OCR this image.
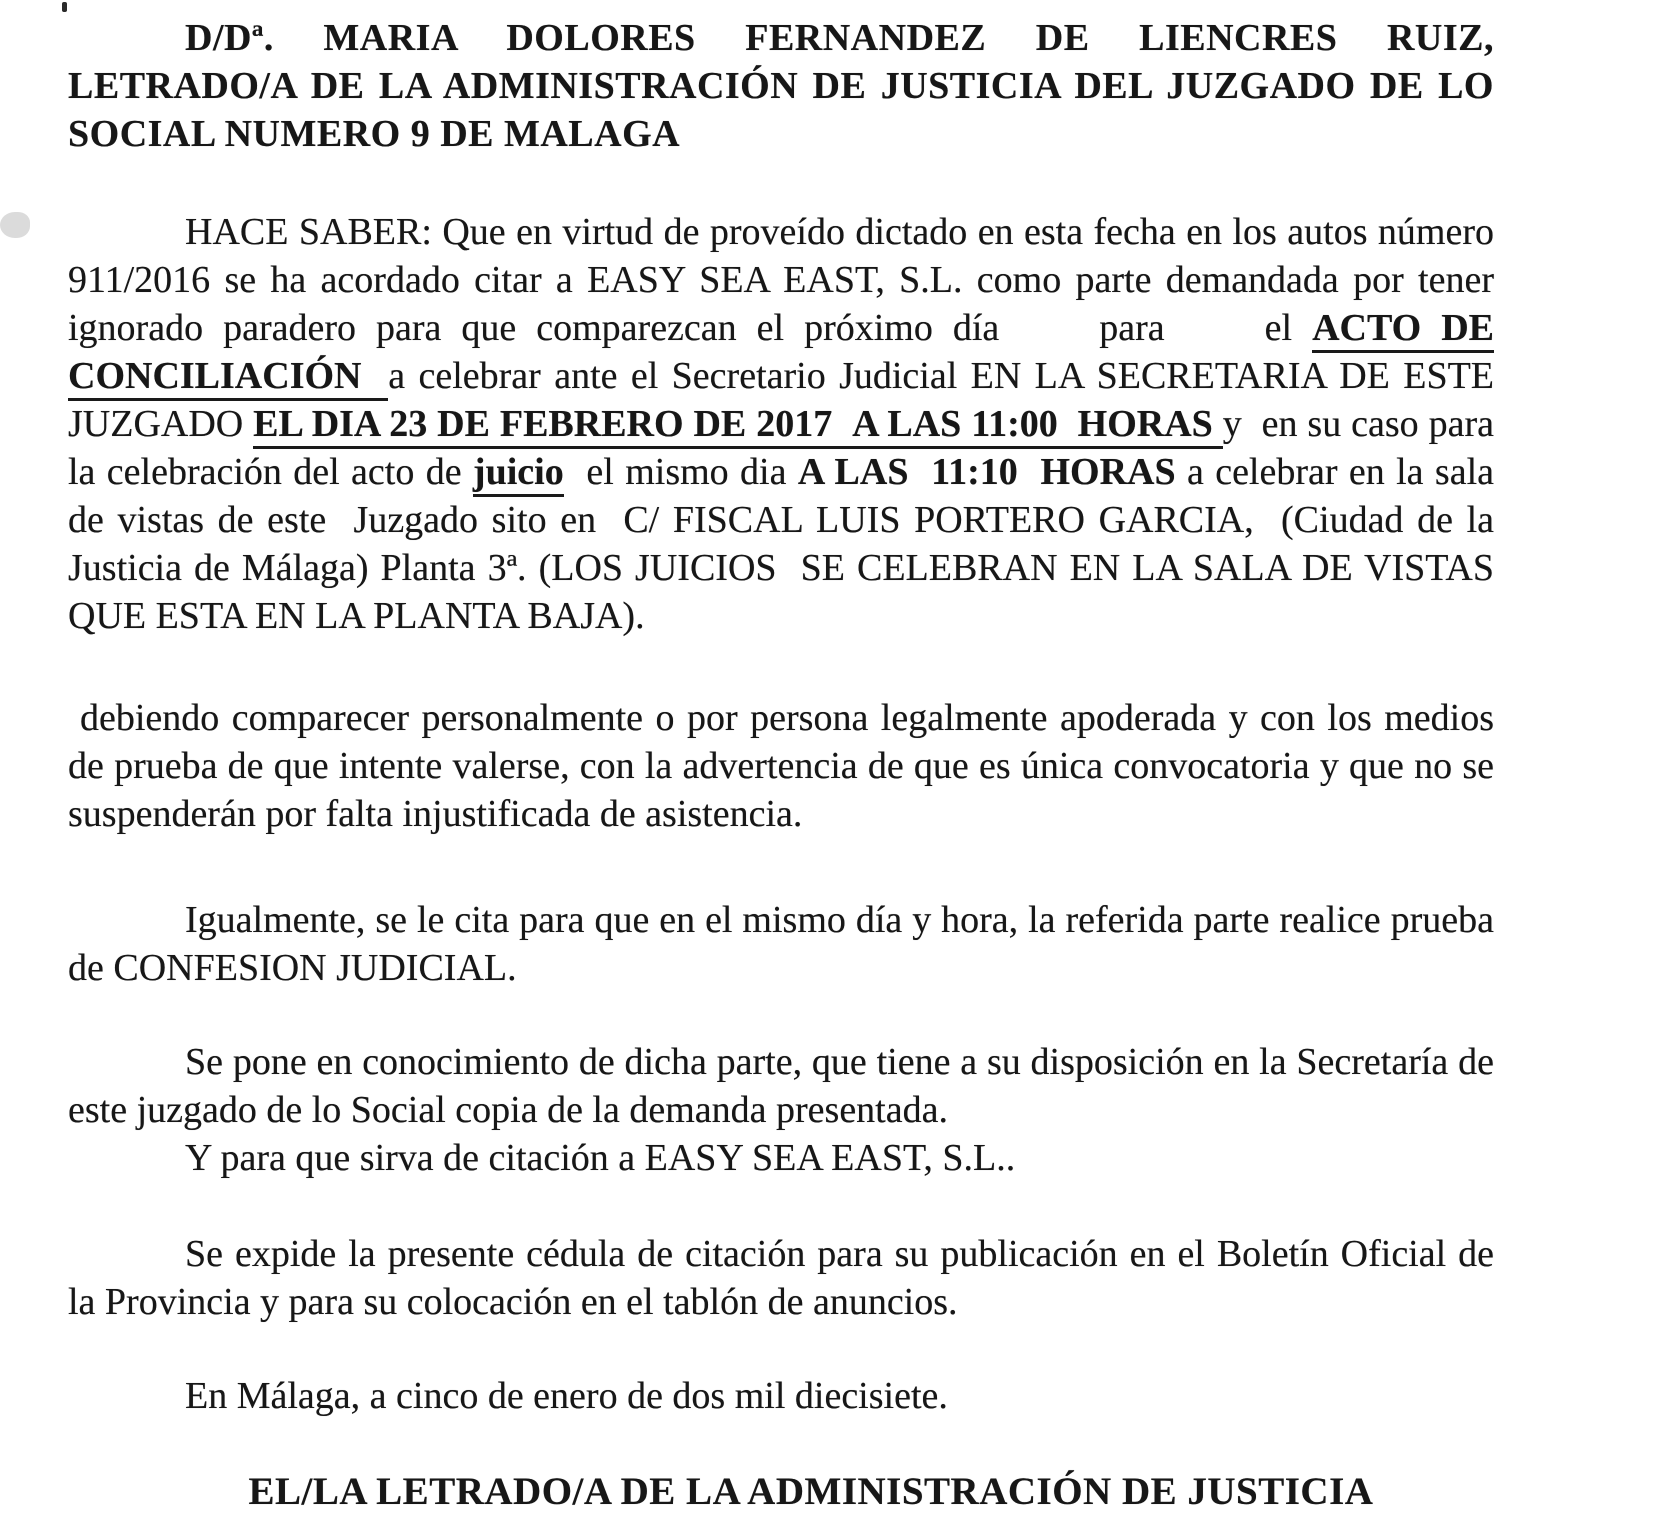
D/Dª. MARIA DOLORES FERNANDEZ DE LIENCRES RUIZ, LETRADO/A DE LA ADMINISTRACIÓN DE JUSTICIA DEL JUZGADO DE LO SOCIAL NUMERO 9 DE MALAGA

HACE SABER: Que en virtud de proveído dictado en esta fecha en los autos número 911/2016 se ha acordado citar a EASY SEA EAST, S.L. como parte demandada por tener ignorado paradero para que comparezcan el próximo día     para     el ACTO DE CONCILIACIÓN  a celebrar ante el Secretario Judicial EN LA SECRETARIA DE ESTE JUZGADO EL DIA 23 DE FEBRERO DE 2017  A LAS 11:00  HORAS y  en su caso para la celebración del acto de juicio  el mismo dia A LAS  11:10  HORAS a celebrar en la sala de vistas de este  Juzgado sito en  C/ FISCAL LUIS PORTERO GARCIA,  (Ciudad de la Justicia de Málaga) Planta 3ª. (LOS JUICIOS  SE CELEBRAN EN LA SALA DE VISTAS QUE ESTA EN LA PLANTA BAJA).

debiendo comparecer personalmente o por persona legalmente apoderada y con los medios de prueba de que intente valerse, con la advertencia de que es única convocatoria y que no se suspenderán por falta injustificada de asistencia.

Igualmente, se le cita para que en el mismo día y hora, la referida parte realice prueba de CONFESION JUDICIAL.

Se pone en conocimiento de dicha parte, que tiene a su disposición en la Secretaría de este juzgado de lo Social copia de la demanda presentada.

Y para que sirva de citación a EASY SEA EAST, S.L..

Se expide la presente cédula de citación para su publicación en el Boletín Oficial de la Provincia y para su colocación en el tablón de anuncios.

En Málaga, a cinco de enero de dos mil diecisiete.

EL/LA LETRADO/A DE LA ADMINISTRACIÓN DE JUSTICIA
